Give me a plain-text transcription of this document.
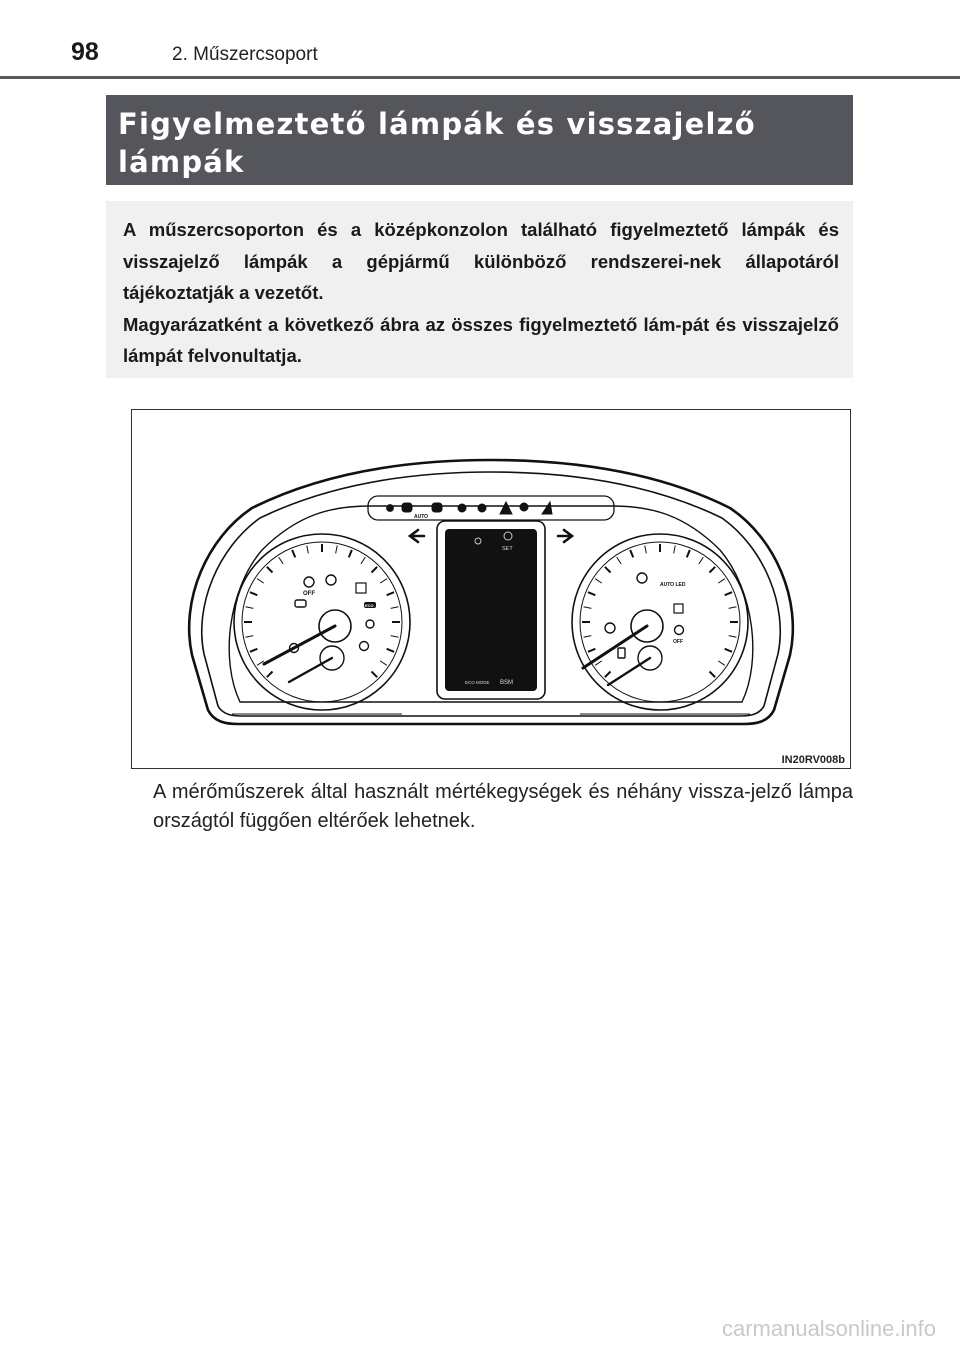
98	2. Műszercsoport
Figyelmeztető lámpák és visszajelző lámpák

A műszercsoporton és a középkonzolon található figyelmeztető lámpák és visszajelző lámpák a gépjármű különböző rendszerei-nek állapotáról tájékoztatják a vezetőt.

Magyarázatként a következő ábra az összes figyelmeztető lám-pát és visszajelző lámpát felvonultatja.

AUTO
OFF
ECO
SET
ECO MODE BSM
AUTO LED
OFF
IN20RV008b

A mérőműszerek által használt mértékegységek és néhány vissza-jelző lámpa országtól függően eltérőek lehetnek.

carmanualsonline.info
